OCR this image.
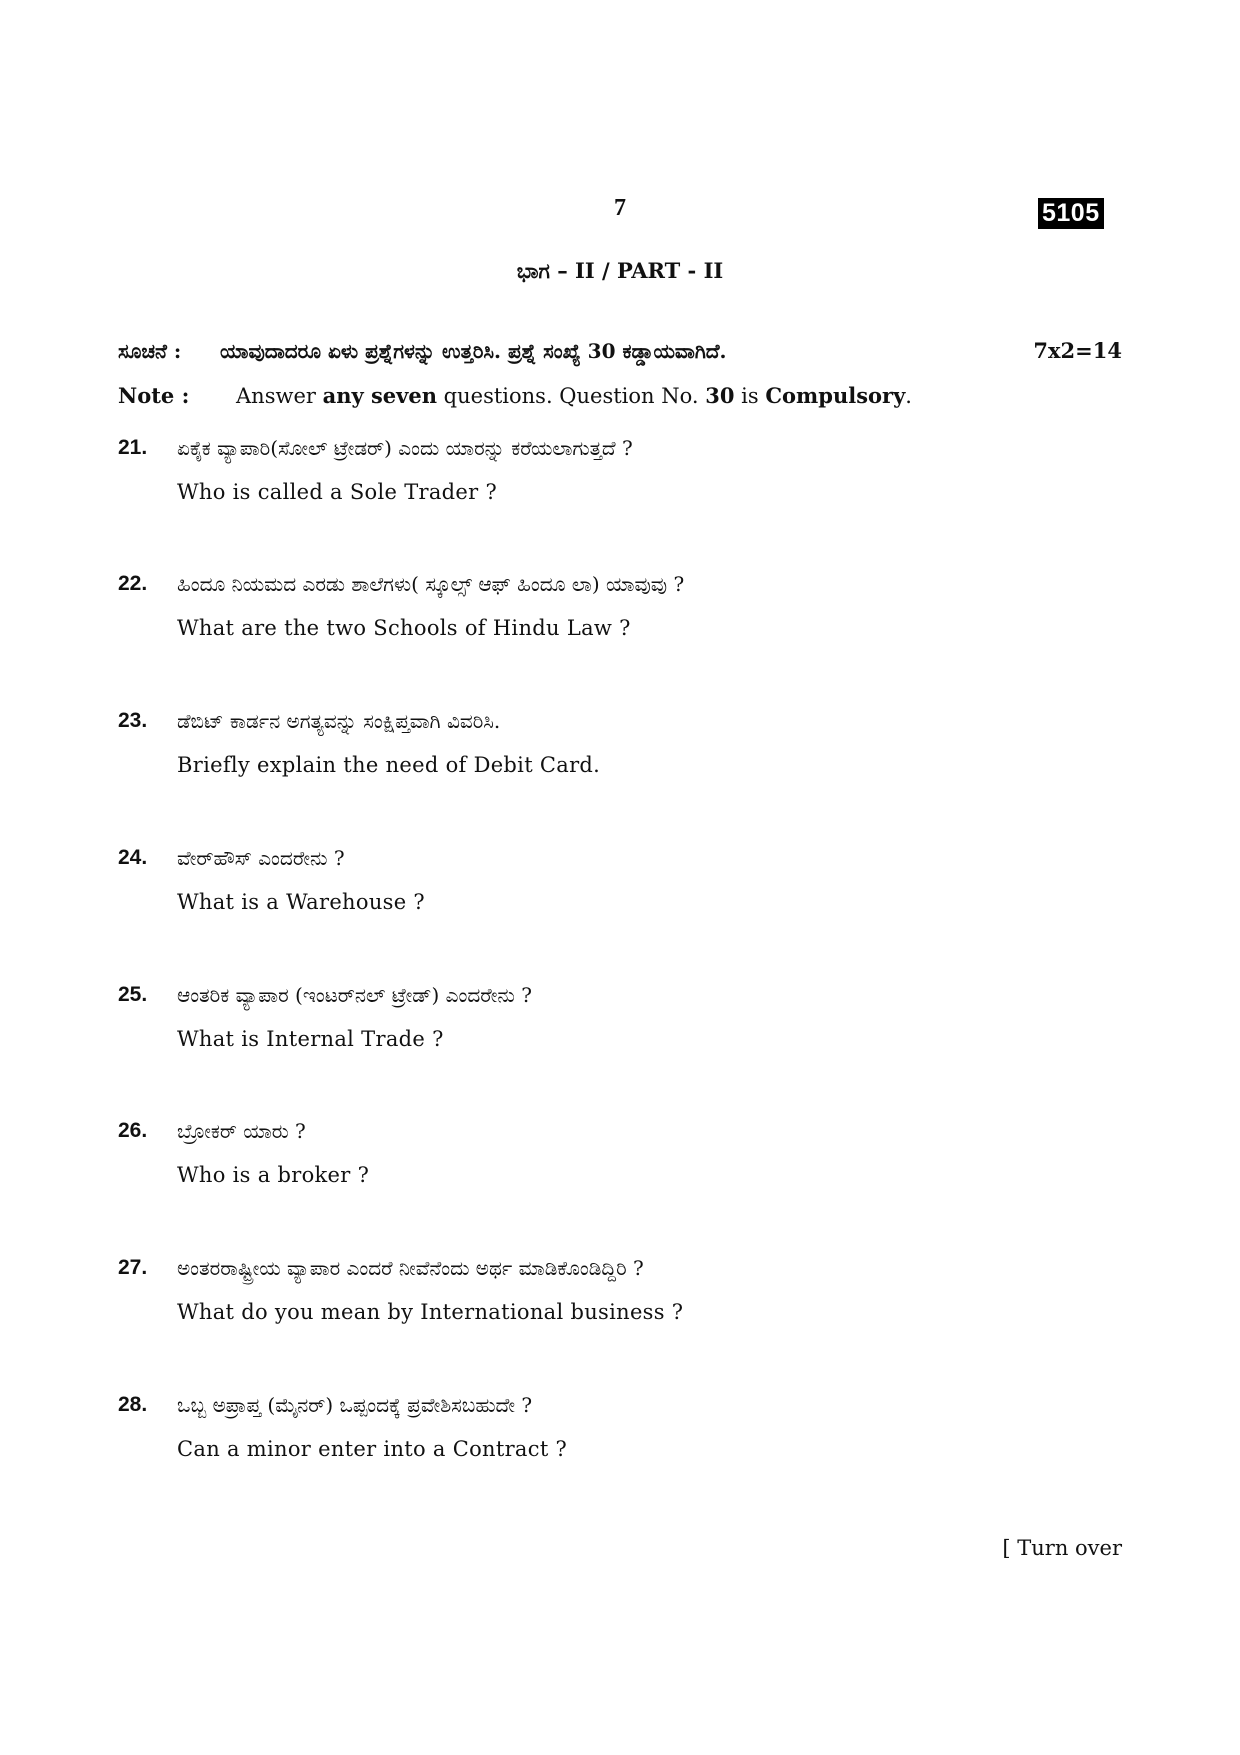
7	5105
ಭಾಗ – II / PART - II
ಸೂಚನೆ : ಯಾವುದಾದರೂ ಏಳು ಪ್ರಶ್ನೆಗಳನ್ನು ಉತ್ತರಿಸಿ. ಪ್ರಶ್ನೆ ಸಂಖ್ಯೆ 30 ಕಡ್ಡಾಯವಾಗಿದೆ.	7x2=14
Note : Answer any seven questions. Question No. 30 is Compulsory.
21. ಏಕೈಕ ವ್ಯಾಪಾರಿ(ಸೋಲ್ ಟ್ರೇಡರ್) ಎಂದು ಯಾರನ್ನು ಕರೆಯಲಾಗುತ್ತದೆ ?
Who is called a Sole Trader ?
22. ಹಿಂದೂ ನಿಯಮದ ಎರಡು ಶಾಲೆಗಳು( ಸ್ಕೂಲ್ಸ್ ಆಫ್ ಹಿಂದೂ ಲಾ) ಯಾವುವು ?
What are the two Schools of Hindu Law ?
23. ಡೆಬಿಟ್ ಕಾರ್ಡನ ಅಗತ್ಯವನ್ನು ಸಂಕ್ಷಿಪ್ತವಾಗಿ ವಿವರಿಸಿ.
Briefly explain the need of Debit Card.
24. ವೇರ್‌ಹೌಸ್ ಎಂದರೇನು ?
What is a Warehouse ?
25. ಆಂತರಿಕ ವ್ಯಾಪಾರ (ಇಂಟರ್‌ನಲ್ ಟ್ರೇಡ್) ಎಂದರೇನು ?
What is Internal Trade ?
26. ಬ್ರೋಕರ್ ಯಾರು ?
Who is a broker ?
27. ಅಂತರರಾಷ್ಟ್ರೀಯ ವ್ಯಾಪಾರ ಎಂದರೆ ನೀವೆನೆಂದು ಅರ್ಥ ಮಾಡಿಕೊಂಡಿದ್ದಿರಿ ?
What do you mean by International business ?
28. ಒಬ್ಬ ಅಪ್ರಾಪ್ತ (ಮೈನರ್) ಒಪ್ಪಂದಕ್ಕೆ ಪ್ರವೇಶಿಸಬಹುದೇ ?
Can a minor enter into a Contract ?
[ Turn over
